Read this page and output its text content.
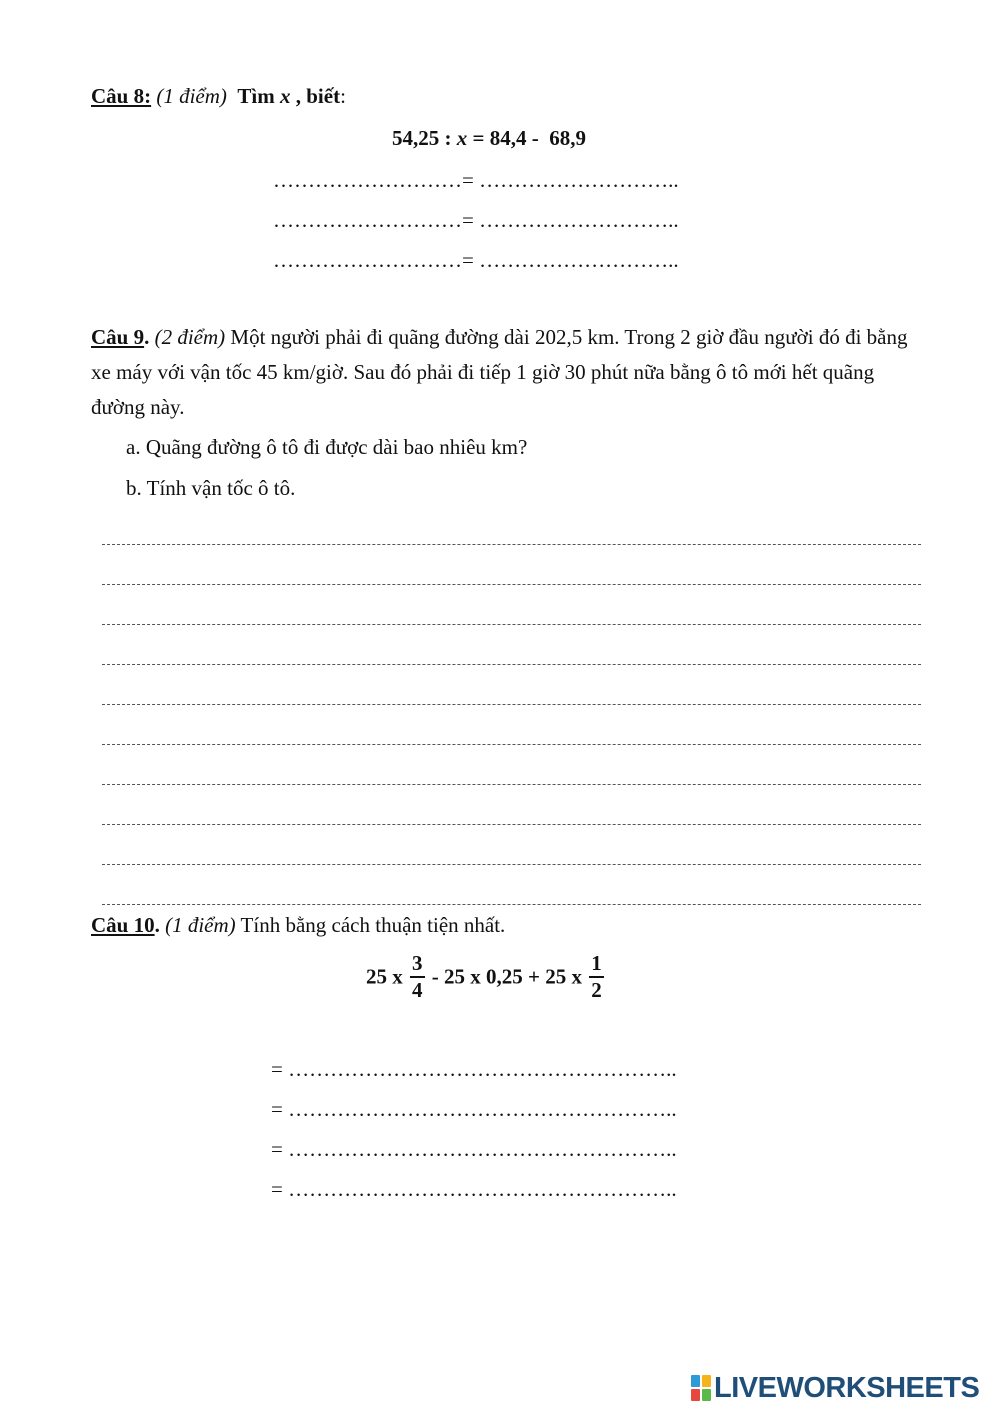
Câu 8: (1 điểm) Tìm x , biết:
54,25 : x = 84,4 -  68,9
………………………= ………………………..
………………………= ………………………..
………………………= ………………………..
Câu 9. (2 điểm) Một người phải đi quãng đường dài 202,5 km. Trong 2 giờ đầu người đó đi bằng xe máy với vận tốc 45 km/giờ. Sau đó phải đi tiếp 1 giờ 30 phút nữa bằng ô tô mới hết quãng đường này.
a. Quãng đường ô tô đi được dài bao nhiêu km?
b. Tính vận tốc ô tô.
Câu 10. (1 điểm) Tính bằng cách thuận tiện nhất.
25 x $\frac{3}{4} - 25$ x 0,25 + 25 x $\frac{1}{2}$
= ………………………………………………..
= ………………………………………………..
= ………………………………………………..
= ………………………………………………..
LIVEWORKSHEETS
